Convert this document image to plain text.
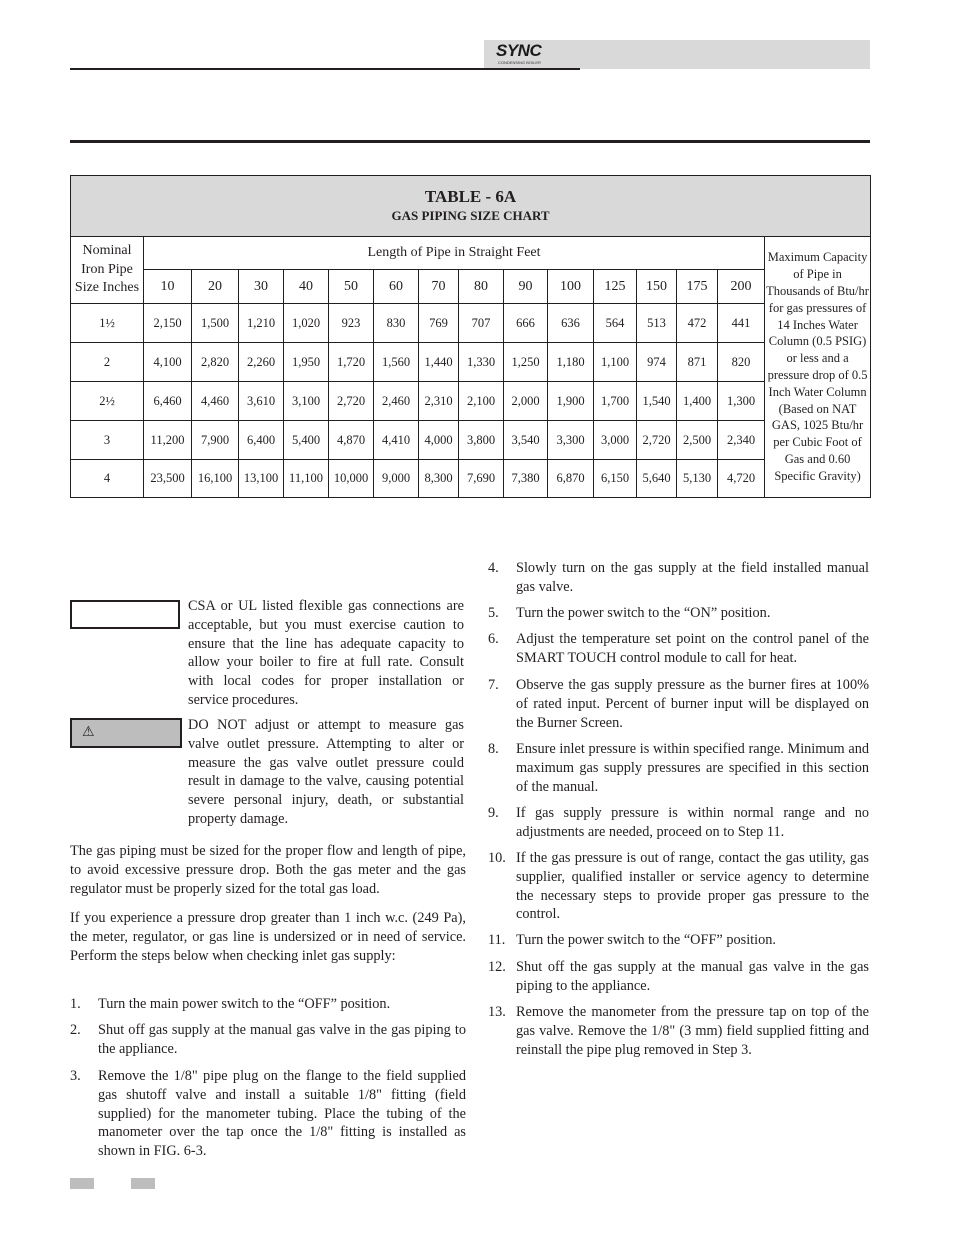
SYNC
CONDENSING BOILER
TABLE - 6A
GAS PIPING SIZE CHART															

Nominal Iron Pipe Size Inches	Length of Pipe in Straight Feet														Maximum Capacity of Pipe in Thousands of Btu/hr for gas pressures of 14 Inches Water Column (0.5 PSIG) or less and a pressure drop of 0.5 Inch Water Column (Based on NAT GAS, 1025 Btu/hr per Cubic Foot of Gas and 0.60 Specific Gravity)
	10	20	30	40	50	60	70	80	90	100	125	150	175	200	
1½	2,150	1,500	1,210	1,020	923	830	769	707	666	636	564	513	472	441	
2	4,100	2,820	2,260	1,950	1,720	1,560	1,440	1,330	1,250	1,180	1,100	974	871	820	
2½	6,460	4,460	3,610	3,100	2,720	2,460	2,310	2,100	2,000	1,900	1,700	1,540	1,400	1,300	
3	11,200	7,900	6,400	5,400	4,870	4,410	4,000	3,800	3,540	3,300	3,000	2,720	2,500	2,340	
4	23,500	16,100	13,100	11,100	10,000	9,000	8,300	7,690	7,380	6,870	6,150	5,640	5,130	4,720	

CSA or UL listed flexible gas connections are acceptable, but you must exercise caution to ensure that the line has adequate capacity to allow your boiler to fire at full rate. Consult with local codes for proper installation or service procedures.

⚠	DO NOT adjust or attempt to measure gas valve outlet pressure. Attempting to alter or measure the gas valve outlet pressure could result in damage to the valve, causing potential severe personal injury, death, or substantial property damage.

The gas piping must be sized for the proper flow and length of pipe, to avoid excessive pressure drop. Both the gas meter and the gas regulator must be properly sized for the total gas load.

If you experience a pressure drop greater than 1 inch w.c. (249 Pa), the meter, regulator, or gas line is undersized or in need of service. Perform the steps below when checking inlet gas supply:

1. Turn the main power switch to the “OFF” position.
2. Shut off gas supply at the manual gas valve in the gas piping to the appliance.
3. Remove the 1/8" pipe plug on the flange to the field supplied gas shutoff valve and install a suitable 1/8" fitting (field supplied) for the manometer tubing. Place the tubing of the manometer over the tap once the 1/8" fitting is installed as shown in FIG. 6-3.
4. Slowly turn on the gas supply at the field installed manual gas valve.
5. Turn the power switch to the “ON” position.
6. Adjust the temperature set point on the control panel of the SMART TOUCH control module to call for heat.
7. Observe the gas supply pressure as the burner fires at 100% of rated input. Percent of burner input will be displayed on the Burner Screen.
8. Ensure inlet pressure is within specified range. Minimum and maximum gas supply pressures are specified in this section of the manual.
9. If gas supply pressure is within normal range and no adjustments are needed, proceed on to Step 11.
10. If the gas pressure is out of range, contact the gas utility, gas supplier, qualified installer or service agency to determine the necessary steps to provide proper gas pressure to the control.
11. Turn the power switch to the “OFF” position.
12. Shut off the gas supply at the manual gas valve in the gas piping to the appliance.
13. Remove the manometer from the pressure tap on top of the gas valve. Remove the 1/8" (3 mm) field supplied fitting and reinstall the pipe plug removed in Step 3.
